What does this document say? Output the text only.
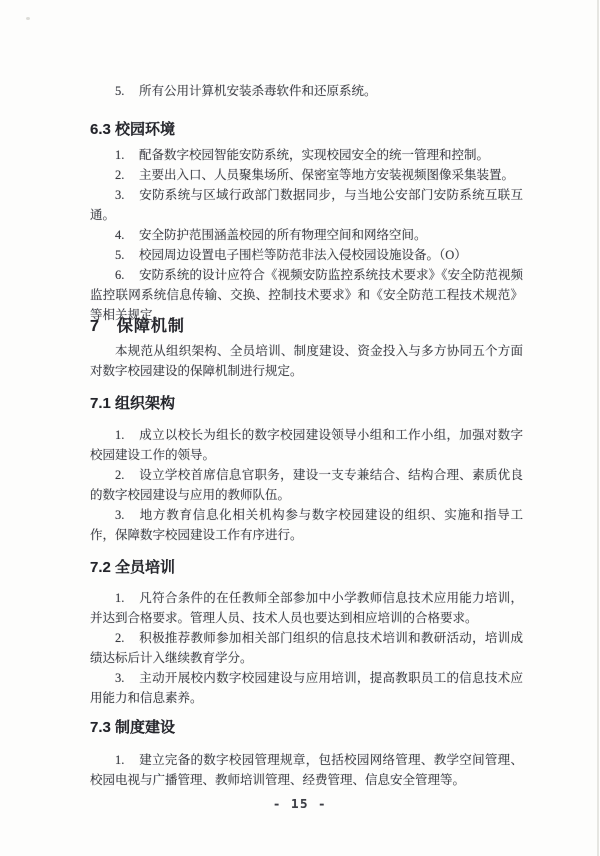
5. 所有公用计算机安装杀毒软件和还原系统。

6.3 校园环境

1. 配备数字校园智能安防系统，实现校园安全的统一管理和控制。

2. 主要出入口、人员聚集场所、保密室等地方安装视频图像采集装置。

3. 安防系统与区域行政部门数据同步，与当地公安部门安防系统互联互通。

4. 安全防护范围涵盖校园的所有物理空间和网络空间。

5. 校园周边设置电子围栏等防范非法入侵校园设施设备。（O）

6. 安防系统的设计应符合《视频安防监控系统技术要求》《安全防范视频监控联网系统信息传输、交换、控制技术要求》和《安全防范工程技术规范》等相关规定。

7　保障机制

本规范从组织架构、全员培训、制度建设、资金投入与多方协同五个方面对数字校园建设的保障机制进行规定。

7.1 组织架构

1. 成立以校长为组长的数字校园建设领导小组和工作小组，加强对数字校园建设工作的领导。

2. 设立学校首席信息官职务，建设一支专兼结合、结构合理、素质优良的数字校园建设与应用的教师队伍。

3. 地方教育信息化相关机构参与数字校园建设的组织、实施和指导工作，保障数字校园建设工作有序进行。

7.2 全员培训

1. 凡符合条件的在任教师全部参加中小学教师信息技术应用能力培训，并达到合格要求。管理人员、技术人员也要达到相应培训的合格要求。

2. 积极推荐教师参加相关部门组织的信息技术培训和教研活动，培训成绩达标后计入继续教育学分。

3. 主动开展校内数字校园建设与应用培训，提高教职员工的信息技术应用能力和信息素养。

7.3 制度建设

1. 建立完备的数字校园管理规章，包括校园网络管理、教学空间管理、校园电视与广播管理、教师培训管理、经费管理、信息安全管理等。

- 15 -
